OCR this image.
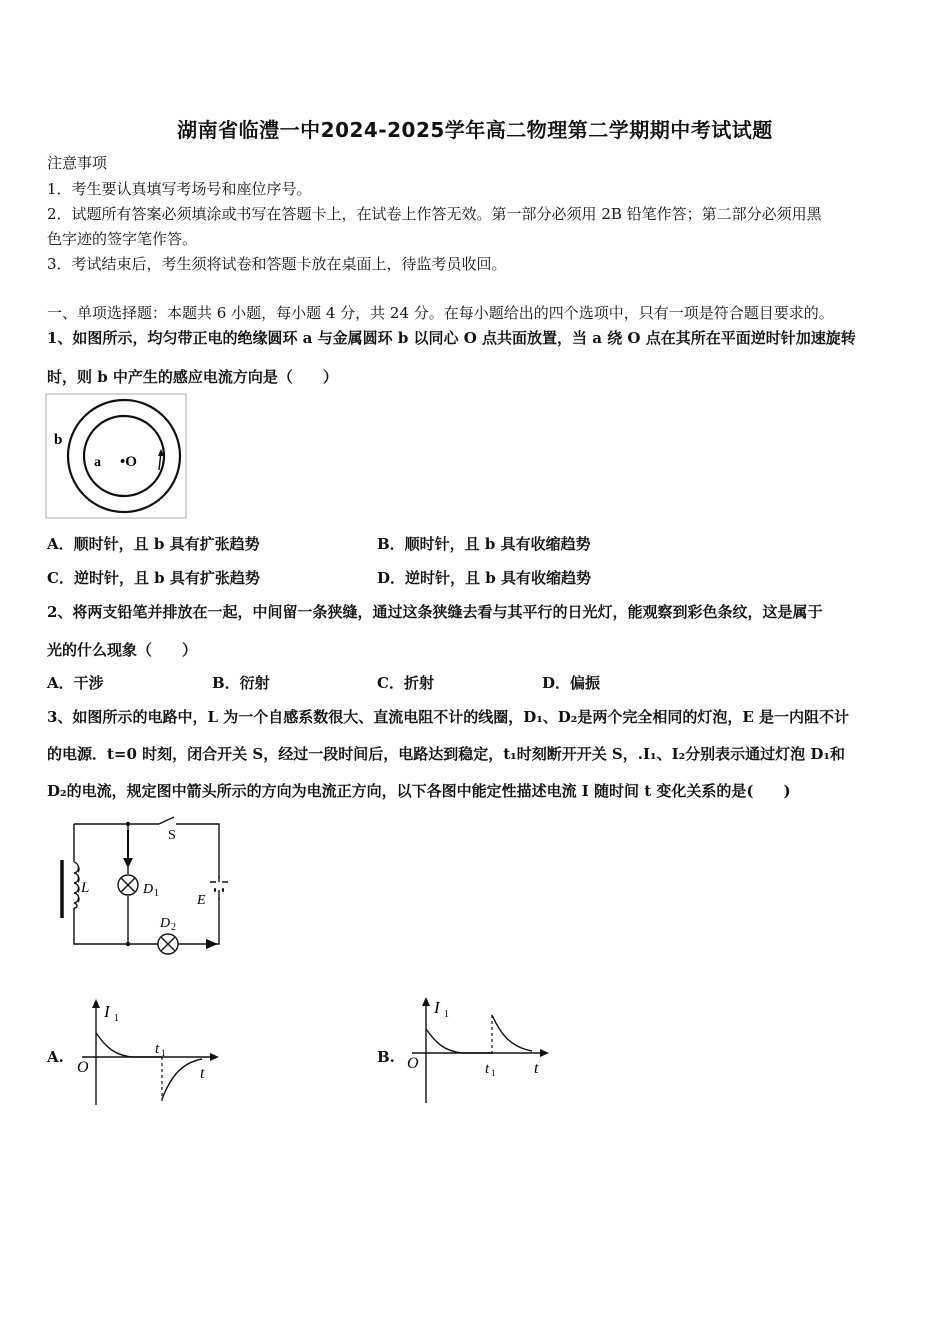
湖南省临澧一中2024-2025学年高二物理第二学期期中考试试题
注意事项
1．考生要认真填写考场号和座位序号。
2．试题所有答案必须填涂或书写在答题卡上，在试卷上作答无效。第一部分必须用 2B 铅笔作答；第二部分必须用黑
色字迹的签字笔作答。
3．考试结束后，考生须将试卷和答题卡放在桌面上，待监考员收回。
一、单项选择题：本题共 6 小题，每小题 4 分，共 24 分。在每小题给出的四个选项中，只有一项是符合题目要求的。
1、如图所示，均匀带正电的绝缘圆环 a 与金属圆环 b 以同心 O 点共面放置，当 a 绕 O 点在其所在平面逆时针加速旋转
时，则 b 中产生的感应电流方向是（　　）
b
a •O
A．顺时针，且 b 具有扩张趋势	B．顺时针，且 b 具有收缩趋势
C．逆时针，且 b 具有扩张趋势	D．逆时针，且 b 具有收缩趋势
2、将两支铅笔并排放在一起，中间留一条狭缝，通过这条狭缝去看与其平行的日光灯，能观察到彩色条纹，这是属于
光的什么现象（　　）
A．干涉	B．衍射	C．折射	D．偏振
3、如图所示的电路中，L 为一个自感系数很大、直流电阻不计的线圈，D₁、D₂是两个完全相同的灯泡，E 是一内阻不计
的电源．t=0 时刻，闭合开关 S，经过一段时间后，电路达到稳定，t₁时刻断开开关 S，.I₁、I₂分别表示通过灯泡 D₁和
D₂的电流，规定图中箭头所示的方向为电流正方向，以下各图中能定性描述电流 I 随时间 t 变化关系的是(　　)
S
L	D 1
D 2
E
A.
I 1
O
t 1
t
B.
I 1
O	t 1 t
